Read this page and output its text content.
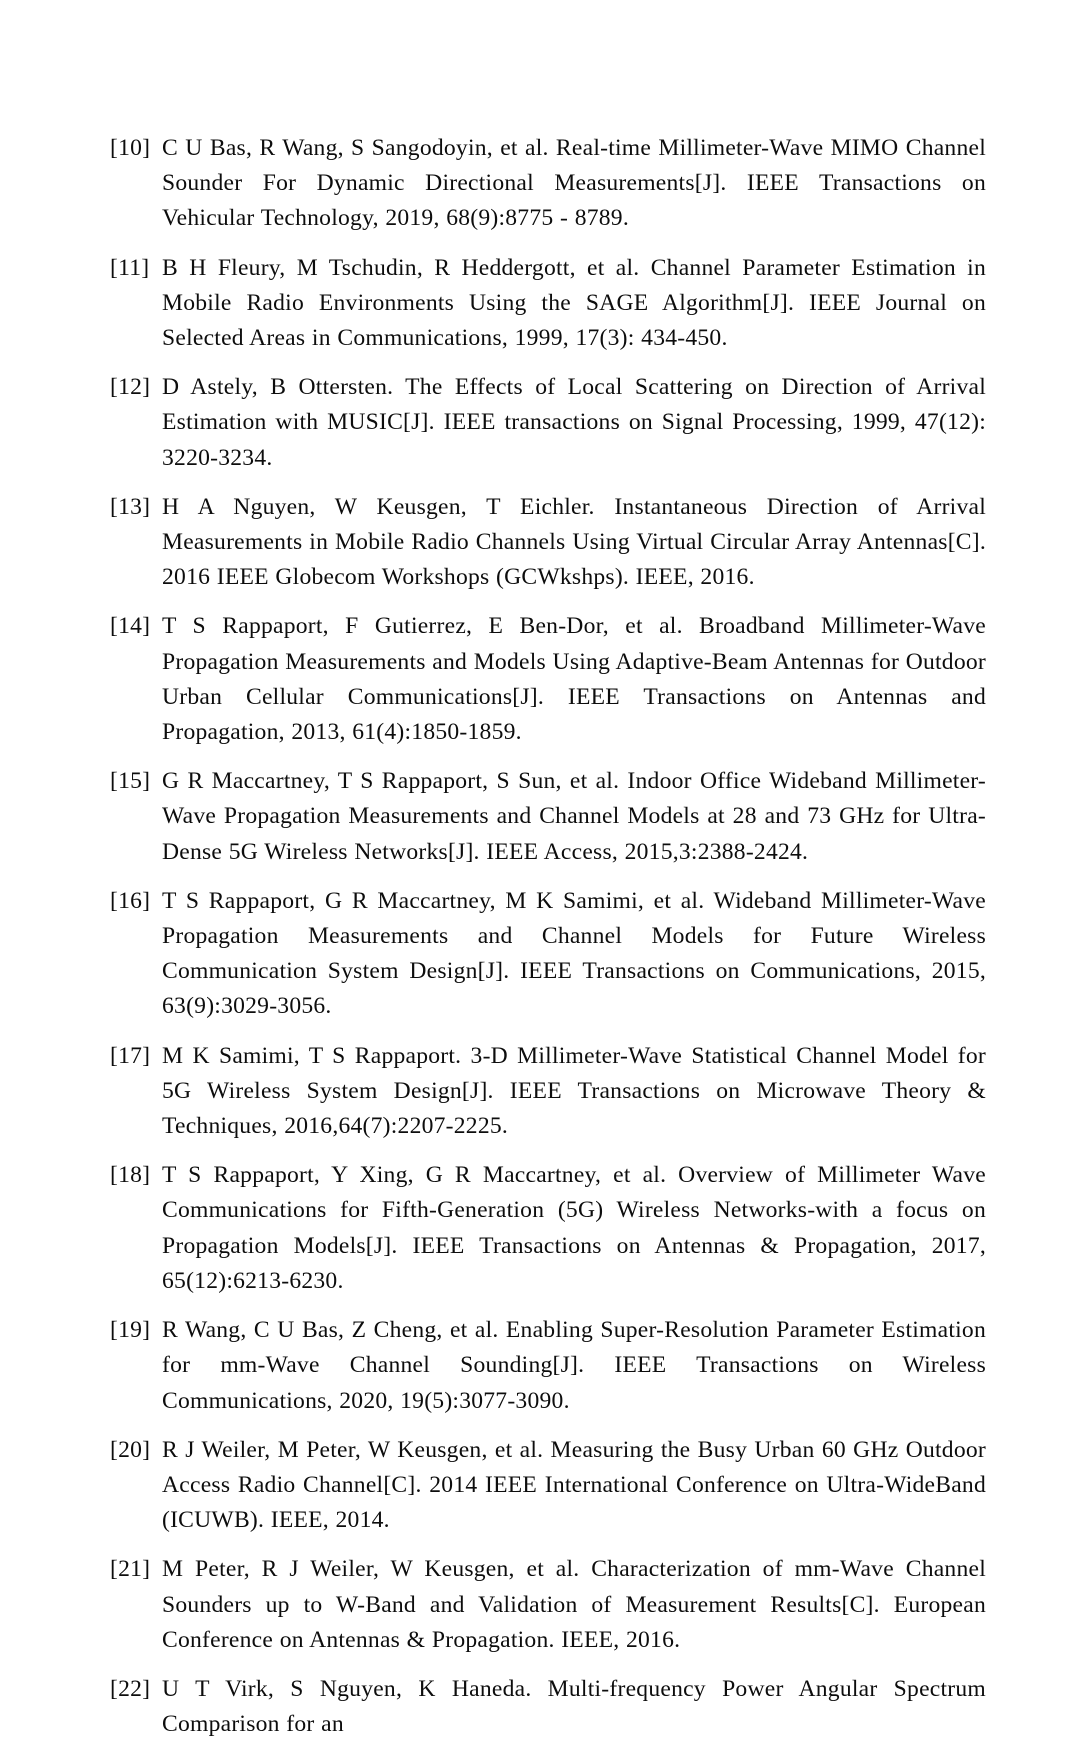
[10] C U Bas, R Wang, S Sangodoyin, et al. Real-time Millimeter-Wave MIMO Channel Sounder For Dynamic Directional Measurements[J]. IEEE Transactions on Vehicular Technology, 2019, 68(9):8775 - 8789.
[11] B H Fleury, M Tschudin, R Heddergott, et al. Channel Parameter Estimation in Mobile Radio Environments Using the SAGE Algorithm[J]. IEEE Journal on Selected Areas in Communications, 1999, 17(3): 434-450.
[12] D Astely, B Ottersten. The Effects of Local Scattering on Direction of Arrival Estimation with MUSIC[J]. IEEE transactions on Signal Processing, 1999, 47(12): 3220-3234.
[13] H A Nguyen, W Keusgen, T Eichler. Instantaneous Direction of Arrival Measurements in Mobile Radio Channels Using Virtual Circular Array Antennas[C]. 2016 IEEE Globecom Workshops (GCWkshps). IEEE, 2016.
[14] T S Rappaport, F Gutierrez, E Ben-Dor, et al. Broadband Millimeter-Wave Propagation Measurements and Models Using Adaptive-Beam Antennas for Outdoor Urban Cellular Communications[J]. IEEE Transactions on Antennas and Propagation, 2013, 61(4):1850-1859.
[15] G R Maccartney, T S Rappaport, S Sun, et al. Indoor Office Wideband Millimeter-Wave Propagation Measurements and Channel Models at 28 and 73 GHz for Ultra-Dense 5G Wireless Networks[J]. IEEE Access, 2015,3:2388-2424.
[16] T S Rappaport, G R Maccartney, M K Samimi, et al. Wideband Millimeter-Wave Propagation Measurements and Channel Models for Future Wireless Communication System Design[J]. IEEE Transactions on Communications, 2015, 63(9):3029-3056.
[17] M K Samimi, T S Rappaport. 3-D Millimeter-Wave Statistical Channel Model for 5G Wireless System Design[J]. IEEE Transactions on Microwave Theory & Techniques, 2016,64(7):2207-2225.
[18] T S Rappaport, Y Xing, G R Maccartney, et al. Overview of Millimeter Wave Communications for Fifth-Generation (5G) Wireless Networks-with a focus on Propagation Models[J]. IEEE Transactions on Antennas & Propagation, 2017, 65(12):6213-6230.
[19] R Wang, C U Bas, Z Cheng, et al. Enabling Super-Resolution Parameter Estimation for mm-Wave Channel Sounding[J]. IEEE Transactions on Wireless Communications, 2020, 19(5):3077-3090.
[20] R J Weiler, M Peter, W Keusgen, et al. Measuring the Busy Urban 60 GHz Outdoor Access Radio Channel[C]. 2014 IEEE International Conference on Ultra-WideBand (ICUWB). IEEE, 2014.
[21] M Peter, R J Weiler, W Keusgen, et al. Characterization of mm-Wave Channel Sounders up to W-Band and Validation of Measurement Results[C]. European Conference on Antennas & Propagation. IEEE, 2016.
[22] U T Virk, S Nguyen, K Haneda. Multi-frequency Power Angular Spectrum Comparison for an
